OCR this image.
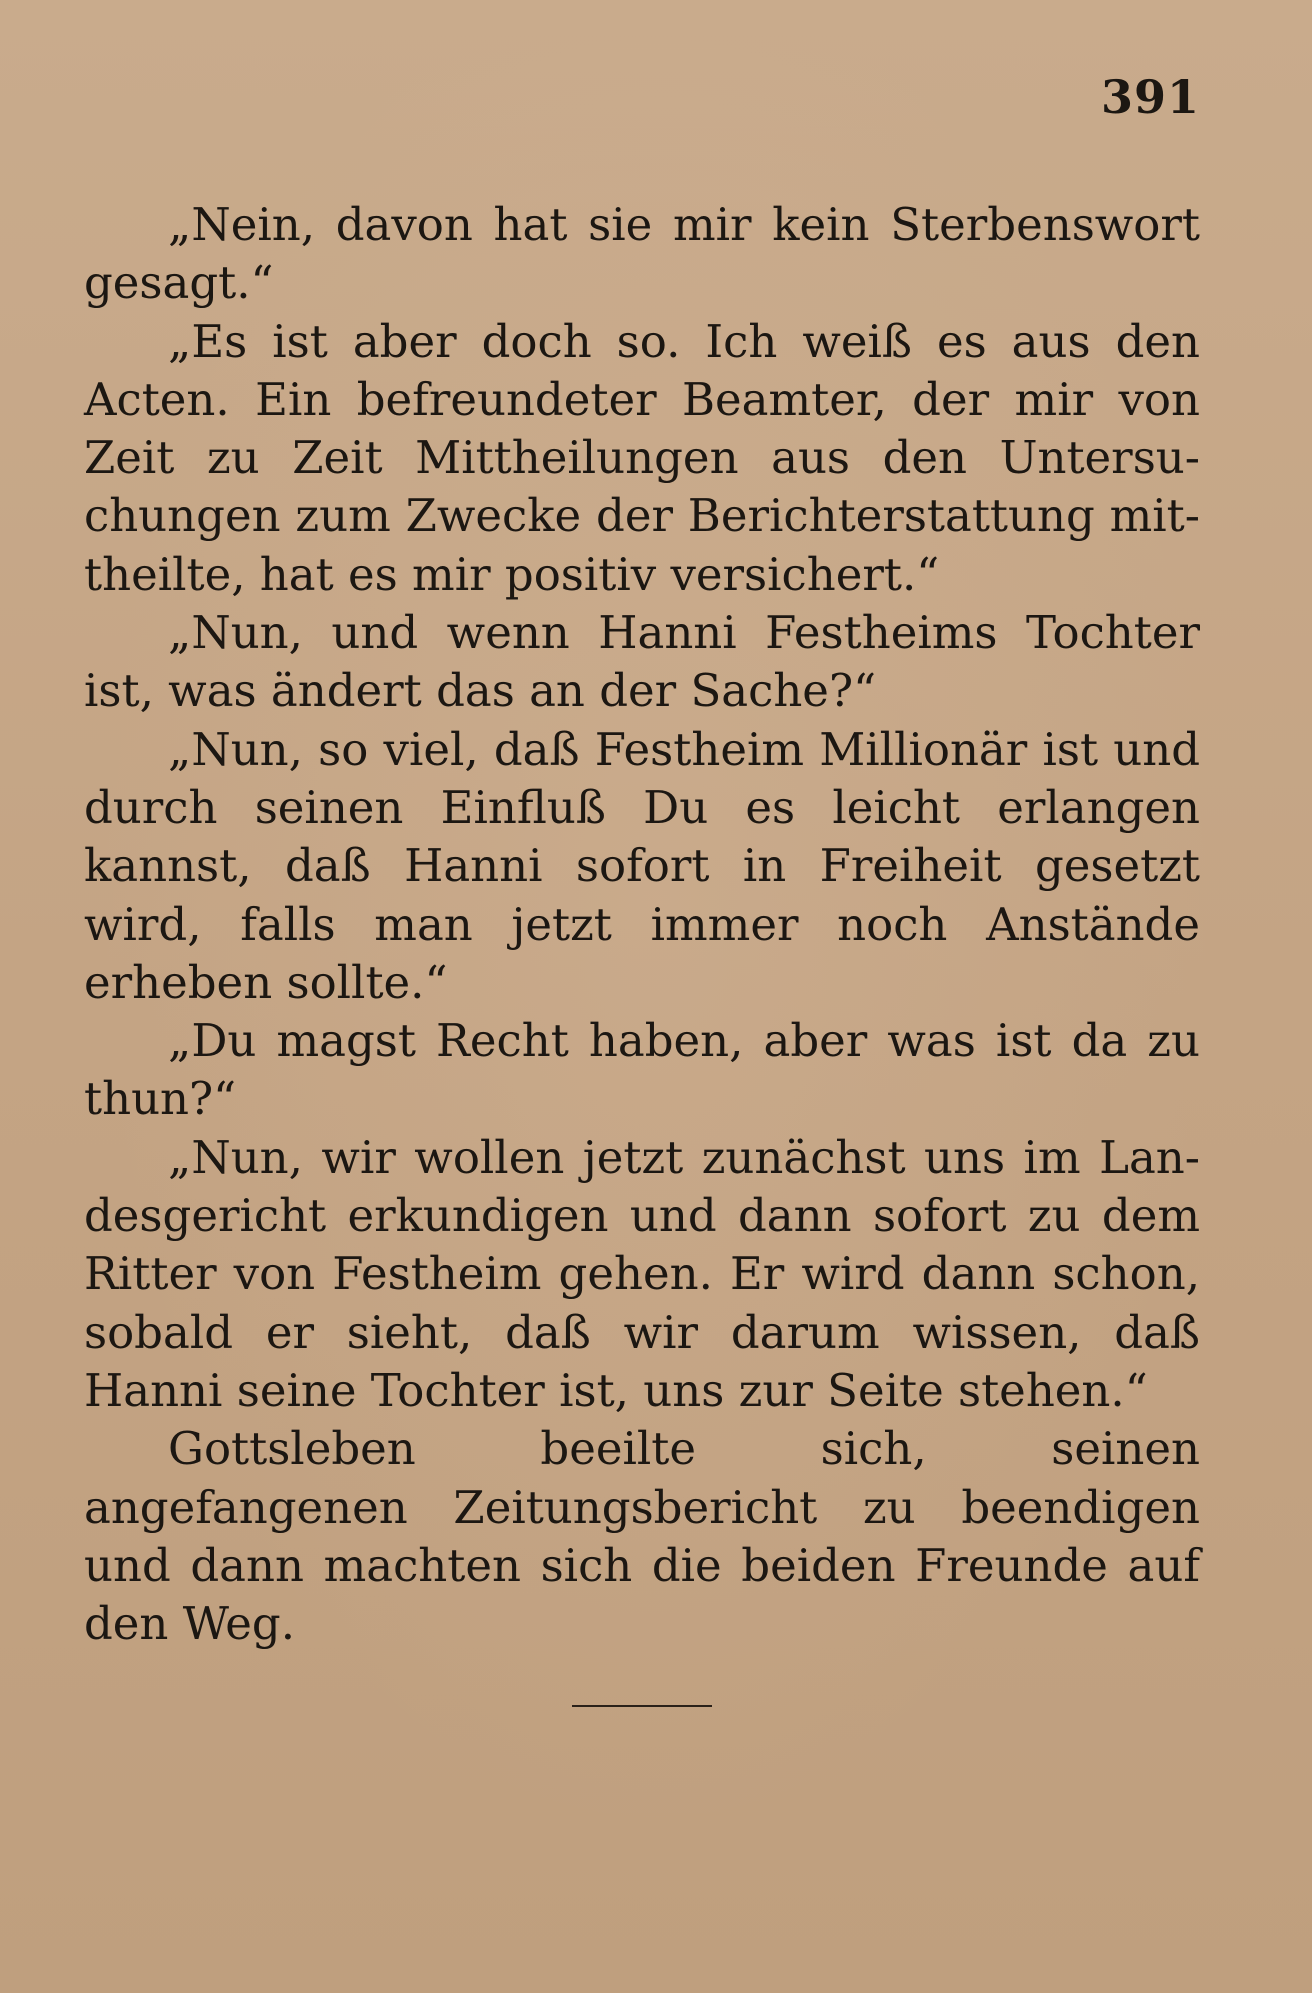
391

„Nein, davon hat sie mir kein Sterbenswort gesagt.“

„Es ist aber doch so. Ich weiß es aus den Acten. Ein befreundeter Beamter, der mir von Zeit zu Zeit Mittheilungen aus den Untersuchungen zum Zwecke der Berichterstattung mittheilte, hat es mir positiv versichert.“

„Nun, und wenn Hanni Festheims Tochter ist, was ändert das an der Sache?“

„Nun, so viel, daß Festheim Millionär ist und durch seinen Einfluß Du es leicht erlangen kannst, daß Hanni sofort in Freiheit gesetzt wird, falls man jetzt immer noch Anstände erheben sollte.“

„Du magst Recht haben, aber was ist da zu thun?“

„Nun, wir wollen jetzt zunächst uns im Landesgericht erkundigen und dann sofort zu dem Ritter von Festheim gehen. Er wird dann schon, sobald er sieht, daß wir darum wissen, daß Hanni seine Tochter ist, uns zur Seite stehen.“

Gottsleben beeilte sich, seinen angefangenen Zeitungsbericht zu beendigen und dann machten sich die beiden Freunde auf den Weg.
